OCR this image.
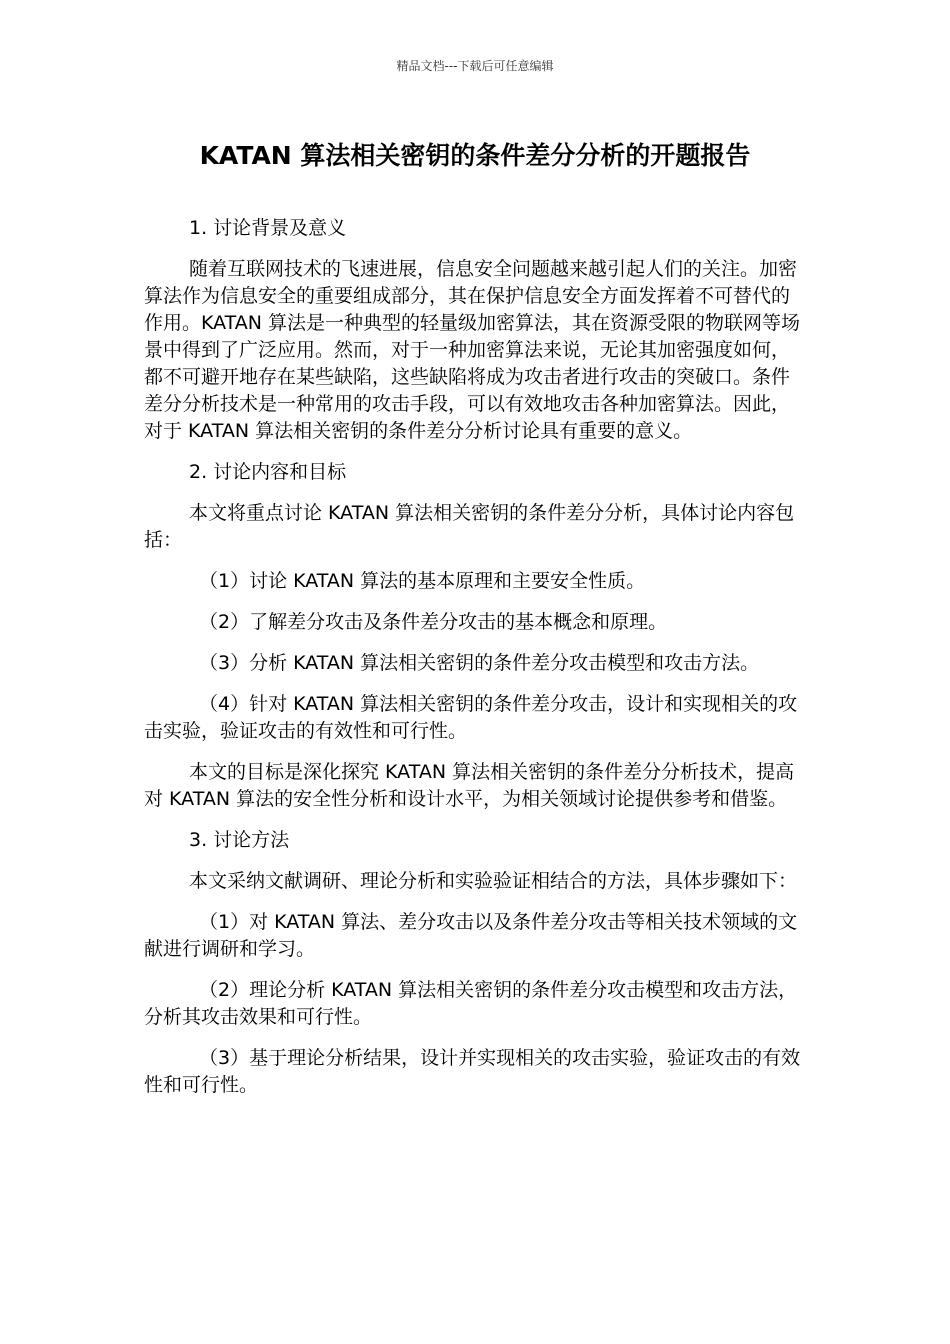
精品文档---下载后可任意编辑
KATAN 算法相关密钥的条件差分分析的开题报告

1. 讨论背景及意义

随着互联网技术的飞速进展，信息安全问题越来越引起人们的关注。加密算法作为信息安全的重要组成部分，其在保护信息安全方面发挥着不可替代的作用。KATAN 算法是一种典型的轻量级加密算法，其在资源受限的物联网等场景中得到了广泛应用。然而，对于一种加密算法来说，无论其加密强度如何，都不可避开地存在某些缺陷，这些缺陷将成为攻击者进行攻击的突破口。条件差分分析技术是一种常用的攻击手段，可以有效地攻击各种加密算法。因此，对于 KATAN 算法相关密钥的条件差分分析讨论具有重要的意义。

2. 讨论内容和目标

本文将重点讨论 KATAN 算法相关密钥的条件差分分析，具体讨论内容包括：

（1）讨论 KATAN 算法的基本原理和主要安全性质。

（2）了解差分攻击及条件差分攻击的基本概念和原理。

（3）分析 KATAN 算法相关密钥的条件差分攻击模型和攻击方法。

（4）针对 KATAN 算法相关密钥的条件差分攻击，设计和实现相关的攻击实验，验证攻击的有效性和可行性。

本文的目标是深化探究 KATAN 算法相关密钥的条件差分分析技术，提高对 KATAN 算法的安全性分析和设计水平，为相关领域讨论提供参考和借鉴。

3. 讨论方法

本文采纳文献调研、理论分析和实验验证相结合的方法，具体步骤如下：

（1）对 KATAN 算法、差分攻击以及条件差分攻击等相关技术领域的文献进行调研和学习。

（2）理论分析 KATAN 算法相关密钥的条件差分攻击模型和攻击方法，分析其攻击效果和可行性。

（3）基于理论分析结果，设计并实现相关的攻击实验，验证攻击的有效性和可行性。
